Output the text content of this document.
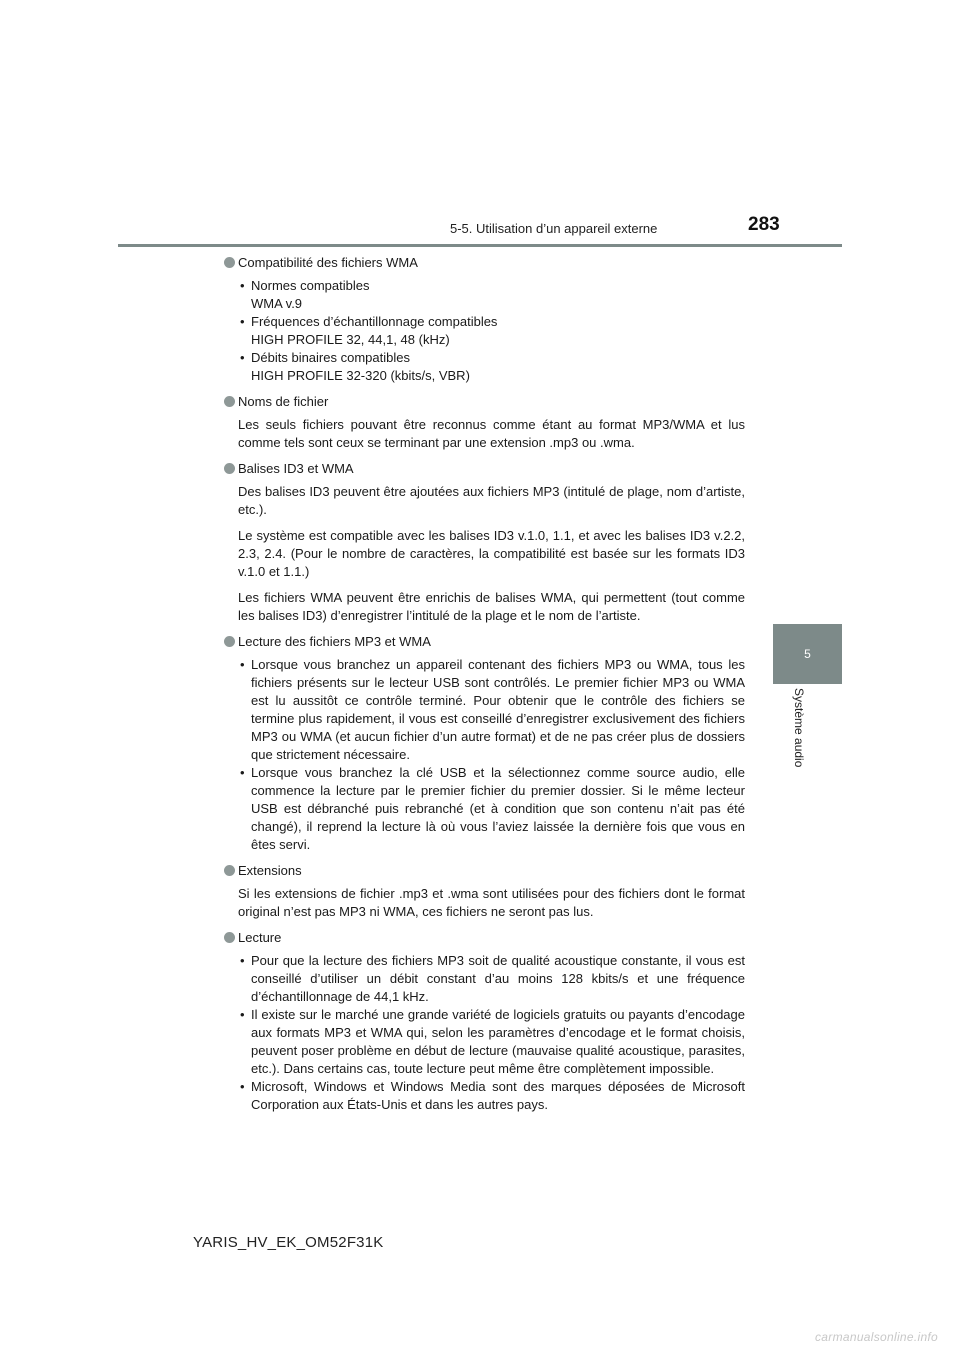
5-5. Utilisation d’un appareil externe	283
5
Système audio
Compatibilité des fichiers WMA
• Normes compatibles
WMA v.9
• Fréquences d’échantillonnage compatibles
HIGH PROFILE 32, 44,1, 48 (kHz)
• Débits binaires compatibles
HIGH PROFILE 32-320 (kbits/s, VBR)
Noms de fichier

Les seuls fichiers pouvant être reconnus comme étant au format MP3/WMA et lus comme tels sont ceux se terminant par une extension .mp3 ou .wma.

Balises ID3 et WMA

Des balises ID3 peuvent être ajoutées aux fichiers MP3 (intitulé de plage, nom d’artiste, etc.).

Le système est compatible avec les balises ID3 v.1.0, 1.1, et avec les balises ID3 v.2.2, 2.3, 2.4. (Pour le nombre de caractères, la compatibilité est basée sur les formats ID3 v.1.0 et 1.1.)

Les fichiers WMA peuvent être enrichis de balises WMA, qui permettent (tout comme les balises ID3) d’enregistrer l’intitulé de la plage et le nom de l’artiste.

Lecture des fichiers MP3 et WMA
• Lorsque vous branchez un appareil contenant des fichiers MP3 ou WMA, tous les fichiers présents sur le lecteur USB sont contrôlés. Le premier fichier MP3 ou WMA est lu aussitôt ce contrôle terminé. Pour obtenir que le contrôle des fichiers se termine plus rapidement, il vous est conseillé d’enregistrer exclusivement des fichiers MP3 ou WMA (et aucun fichier d’un autre format) et de ne pas créer plus de dossiers que strictement nécessaire.
• Lorsque vous branchez la clé USB et la sélectionnez comme source audio, elle commence la lecture par le premier fichier du premier dossier. Si le même lecteur USB est débranché puis rebranché (et à condition que son contenu n’ait pas été changé), il reprend la lecture là où vous l’aviez laissée la dernière fois que vous en êtes servi.
Extensions

Si les extensions de fichier .mp3 et .wma sont utilisées pour des fichiers dont le format original n’est pas MP3 ni WMA, ces fichiers ne seront pas lus.

Lecture
• Pour que la lecture des fichiers MP3 soit de qualité acoustique constante, il vous est conseillé d’utiliser un débit constant d’au moins 128 kbits/s et une fréquence d’échantillonnage de 44,1 kHz.
• Il existe sur le marché une grande variété de logiciels gratuits ou payants d’encodage aux formats MP3 et WMA qui, selon les paramètres d’encodage et le format choisis, peuvent poser problème en début de lecture (mauvaise qualité acoustique, parasites, etc.). Dans certains cas, toute lecture peut même être complètement impossible.
• Microsoft, Windows et Windows Media sont des marques déposées de Microsoft Corporation aux États-Unis et dans les autres pays.
YARIS_HV_EK_OM52F31K
carmanualsonline.info
